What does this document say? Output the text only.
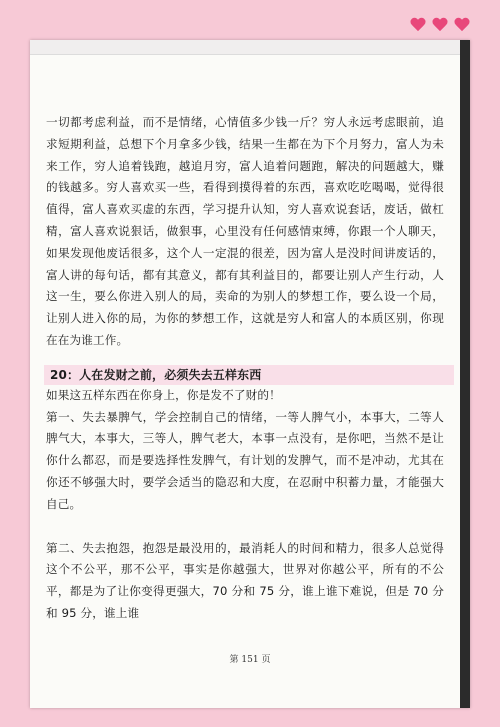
一切都考虑利益，而不是情绪，心情值多少钱一斤？穷人永远考虑眼前，追求短期利益，总想下个月拿多少钱，结果一生都在为下个月努力，富人为未来工作，穷人追着钱跑，越追月穷，富人追着问题跑，解决的问题越大，赚的钱越多。穷人喜欢买一些，看得到摸得着的东西，喜欢吃吃喝喝，觉得很值得，富人喜欢买虚的东西，学习提升认知，穷人喜欢说套话，废话，做杠精，富人喜欢说狠话，做狠事，心里没有任何感情束缚，你跟一个人聊天，如果发现他废话很多，这个人一定混的很差，因为富人是没时间讲废话的，富人讲的每句话，都有其意义，都有其利益目的，都要让别人产生行动，人这一生，要么你进入别人的局，卖命的为别人的梦想工作，要么设一个局，让别人进入你的局，为你的梦想工作，这就是穷人和富人的本质区别，你现在在为谁工作。

20：人在发财之前，必须失去五样东西

如果这五样东西在你身上，你是发不了财的！

第一、失去暴脾气，学会控制自己的情绪，一等人脾气小，本事大，二等人脾气大，本事大，三等人，脾气老大，本事一点没有，是你吧，当然不是让你什么都忍，而是要选择性发脾气，有计划的发脾气，而不是冲动，尤其在你还不够强大时，要学会适当的隐忍和大度，在忍耐中积蓄力量，才能强大自己。

第二、失去抱怨，抱怨是最没用的，最消耗人的时间和精力，很多人总觉得这个不公平，那不公平，事实是你越强大，世界对你越公平，所有的不公平，都是为了让你变得更强大，70 分和 75 分，谁上谁下难说，但是 70 分和 95 分，谁上谁

第 151 页
